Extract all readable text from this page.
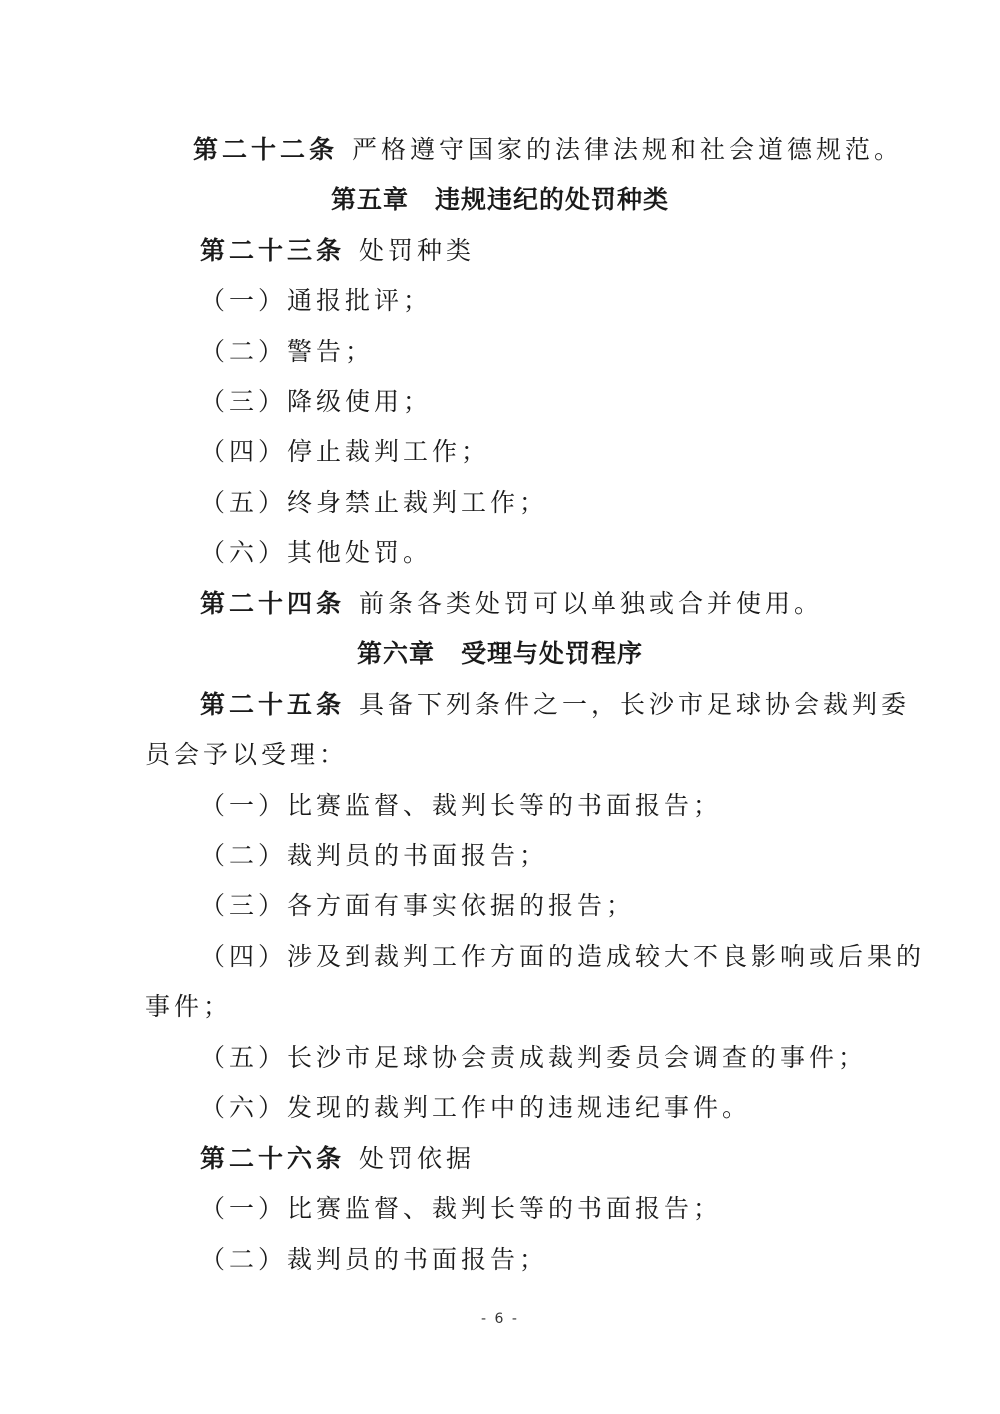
第二十二条 严格遵守国家的法律法规和社会道德规范。
第五章 违规违纪的处罚种类
第二十三条 处罚种类
（一）通报批评；
（二）警告；
（三）降级使用；
（四）停止裁判工作；
（五）终身禁止裁判工作；
（六）其他处罚。
第二十四条 前条各类处罚可以单独或合并使用。
第六章 受理与处罚程序
第二十五条 具备下列条件之一，长沙市足球协会裁判委
员会予以受理：
（一）比赛监督、裁判长等的书面报告；
（二）裁判员的书面报告；
（三）各方面有事实依据的报告；
（四）涉及到裁判工作方面的造成较大不良影响或后果的
事件；
（五）长沙市足球协会责成裁判委员会调查的事件；
（六）发现的裁判工作中的违规违纪事件。
第二十六条 处罚依据
（一）比赛监督、裁判长等的书面报告；
（二）裁判员的书面报告；
- 6 -
